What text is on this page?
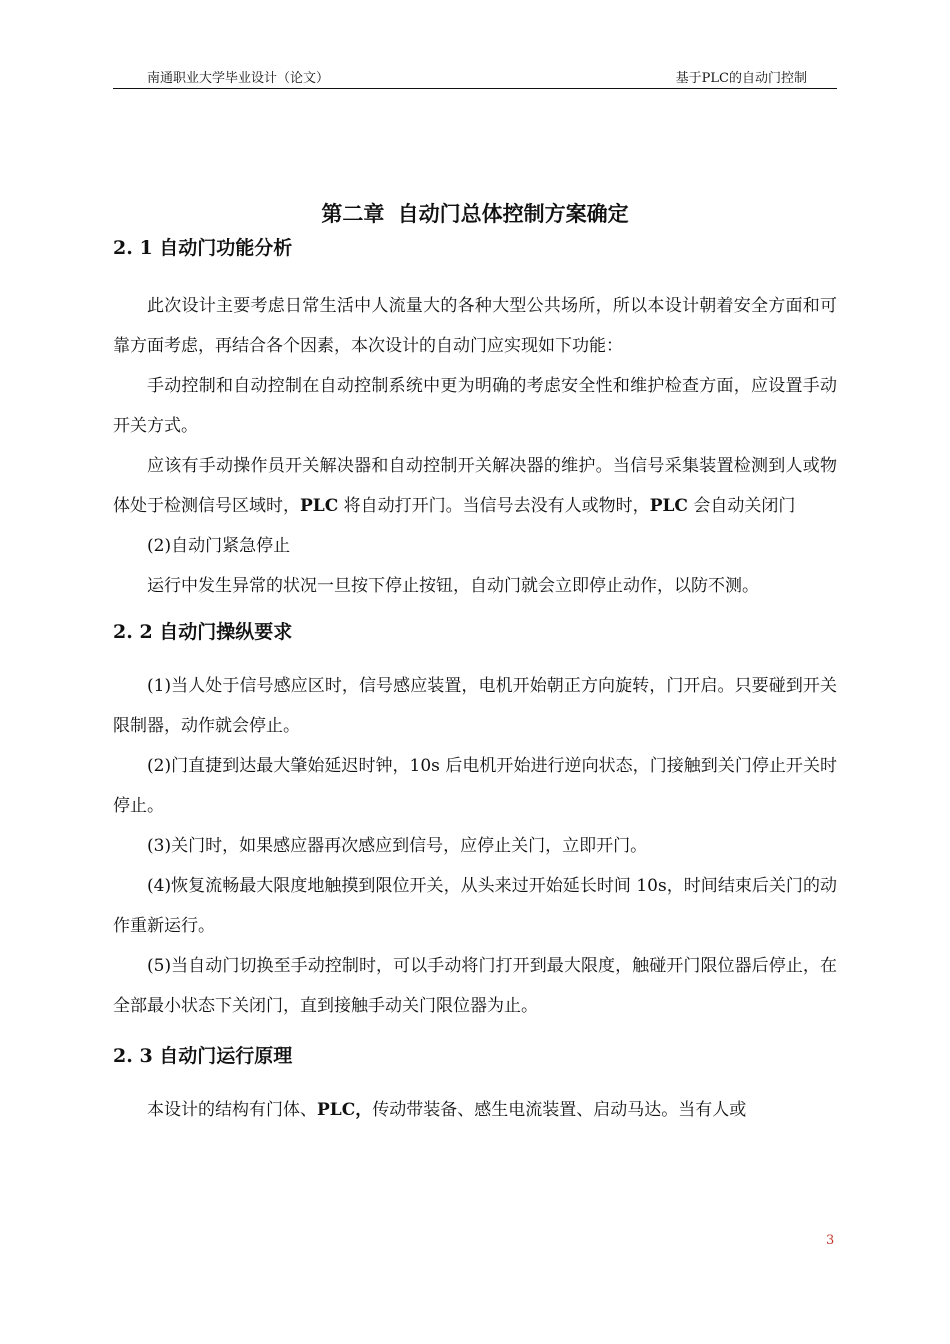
南通职业大学毕业设计（论文）	基于PLC的自动门控制
第二章 自动门总体控制方案确定
2. 1 自动门功能分析

此次设计主要考虑日常生活中人流量大的各种大型公共场所，所以本设计朝着安全方面和可靠方面考虑，再结合各个因素，本次设计的自动门应实现如下功能：

手动控制和自动控制在自动控制系统中更为明确的考虑安全性和维护检查方面，应设置手动开关方式。

应该有手动操作员开关解决器和自动控制开关解决器的维护。当信号采集装置检测到人或物体处于检测信号区域时，PLC 将自动打开门。当信号去没有人或物时，PLC 会自动关闭门

(2)自动门紧急停止

运行中发生异常的状况一旦按下停止按钮，自动门就会立即停止动作，以防不测。

2. 2 自动门操纵要求

(1)当人处于信号感应区时，信号感应装置，电机开始朝正方向旋转，门开启。只要碰到开关限制器，动作就会停止。

(2)门直捷到达最大肇始延迟时钟，10s 后电机开始进行逆向状态，门接触到关门停止开关时停止。

(3)关门时，如果感应器再次感应到信号，应停止关门，立即开门。

(4)恢复流畅最大限度地触摸到限位开关，从头来过开始延长时间 10s，时间结束后关门的动作重新运行。

(5)当自动门切换至手动控制时，可以手动将门打开到最大限度，触碰开门限位器后停止，在全部最小状态下关闭门，直到接触手动关门限位器为止。

2. 3 自动门运行原理

本设计的结构有门体、PLC，传动带装备、感生电流装置、启动马达。当有人或

3
